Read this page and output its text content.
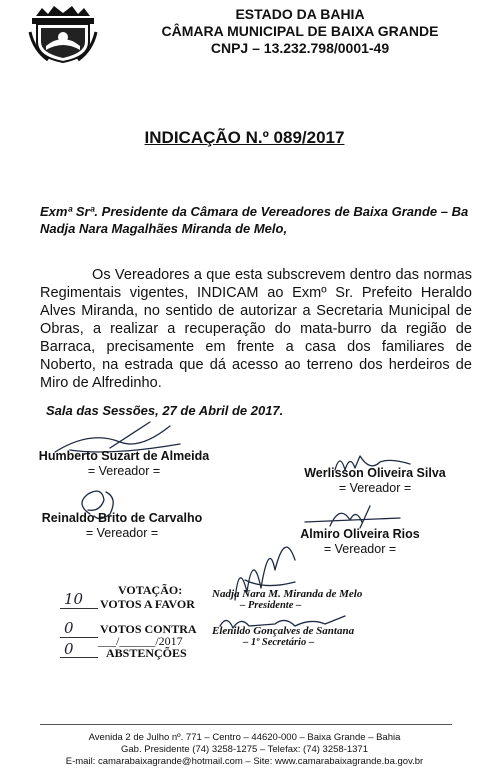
ESTADO DA BAHIA
CÂMARA MUNICIPAL DE BAIXA GRANDE
CNPJ – 13.232.798/0001-49
INDICAÇÃO N.º 089/2017
Exmª Srª. Presidente da Câmara de Vereadores de Baixa Grande – Ba
Nadja Nara Magalhães Miranda de Melo,
Os Vereadores a que esta subscrevem dentro das normas Regimentais vigentes, INDICAM ao Exmº Sr. Prefeito Heraldo Alves Miranda, no sentido de autorizar a Secretaria Municipal de Obras, a realizar a recuperação do mata-burro da região de Barraca, precisamente em frente a casa dos familiares de Noberto, na estrada que dá acesso ao terreno dos herdeiros de Miro de Alfredinho.
Sala das Sessões, 27 de Abril de 2017.
Humberto Suzart de Almeida
= Vereador =	Werlisson Oliveira Silva
= Vereador =
Reinaldo Brito de Carvalho
= Vereador =	Almiro Oliveira Rios
= Vereador =
VOTAÇÃO:
10 VOTOS A FAVOR
0 VOTOS CONTRA
___/______/2017
0	ABSTENÇÕES
Nadja Nara M. Miranda de Melo
– Presidente –
Elenildo Gonçalves de Santana
– 1º Secretário –
Avenida 2 de Julho nº. 771 – Centro – 44620-000 – Baixa Grande – Bahia
Gab. Presidente (74) 3258-1275 – Telefax: (74) 3258-1371
E-mail: camarabaixagrande@hotmail.com – Site: www.camarabaixagrande.ba.gov.br
